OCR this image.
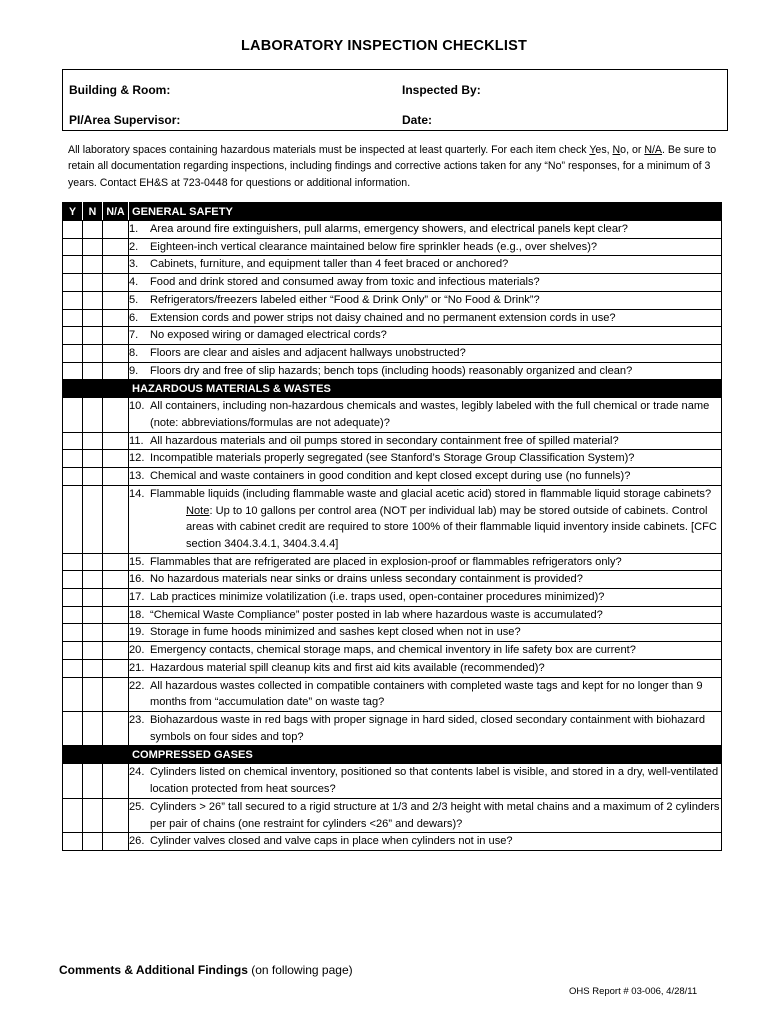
LABORATORY INSPECTION CHECKLIST
Building & Room:	Inspected By:
PI/Area Supervisor:	Date:
All laboratory spaces containing hazardous materials must be inspected at least quarterly. For each item check Yes, No, or N/A. Be sure to retain all documentation regarding inspections, including findings and corrective actions taken for any “No” responses, for a minimum of 3 years. Contact EH&S at 723-0448 for questions or additional information.
Y	N	N/A	GENERAL SAFETY

			1. Area around fire extinguishers, pull alarms, emergency showers, and electrical panels kept clear?

			2. Eighteen-inch vertical clearance maintained below fire sprinkler heads (e.g., over shelves)?

			3. Cabinets, furniture, and equipment taller than 4 feet braced or anchored?

			4. Food and drink stored and consumed away from toxic and infectious materials?

			5. Refrigerators/freezers labeled either “Food & Drink Only” or “No Food & Drink”?

			6. Extension cords and power strips not daisy chained and no permanent extension cords in use?

			7. No exposed wiring or damaged electrical cords?

			8. Floors are clear and aisles and adjacent hallways unobstructed?

			9. Floors dry and free of slip hazards; bench tops (including hoods) reasonably organized and clean?

			HAZARDOUS MATERIALS & WASTES

			10. All containers, including non-hazardous chemicals and wastes, legibly labeled with the full chemical or trade name (note: abbreviations/formulas are not adequate)?

			11. All hazardous materials and oil pumps stored in secondary containment free of spilled material?

			12. Incompatible materials properly segregated (see Stanford’s Storage Group Classification System)?

			13. Chemical and waste containers in good condition and kept closed except during use (no funnels)?

			14. Flammable liquids (including flammable waste and glacial acetic acid) stored in flammable liquid storage cabinets?
Note: Up to 10 gallons per control area (NOT per individual lab) may be stored outside of cabinets. Control areas with cabinet credit are required to store 100% of their flammable liquid inventory inside cabinets. [CFC section 3404.3.4.1, 3404.3.4.4]

			15. Flammables that are refrigerated are placed in explosion-proof or flammables refrigerators only?

			16. No hazardous materials near sinks or drains unless secondary containment is provided?

			17. Lab practices minimize volatilization (i.e. traps used, open-container procedures minimized)?

			18. “Chemical Waste Compliance” poster posted in lab where hazardous waste is accumulated?

			19. Storage in fume hoods minimized and sashes kept closed when not in use?

			20. Emergency contacts, chemical storage maps, and chemical inventory in life safety box are current?

			21. Hazardous material spill cleanup kits and first aid kits available (recommended)?

			22. All hazardous wastes collected in compatible containers with completed waste tags and kept for no longer than 9 months from “accumulation date” on waste tag?

			23. Biohazardous waste in red bags with proper signage in hard sided, closed secondary containment with biohazard symbols on four sides and top?

			COMPRESSED GASES

			24. Cylinders listed on chemical inventory, positioned so that contents label is visible, and stored in a dry, well-ventilated location protected from heat sources?

			25. Cylinders > 26” tall secured to a rigid structure at 1/3 and 2/3 height with metal chains and a maximum of 2 cylinders per pair of chains (one restraint for cylinders <26” and dewars)?

			26. Cylinder valves closed and valve caps in place when cylinders not in use?
Comments & Additional Findings (on following page)
OHS Report # 03-006, 4/28/11
